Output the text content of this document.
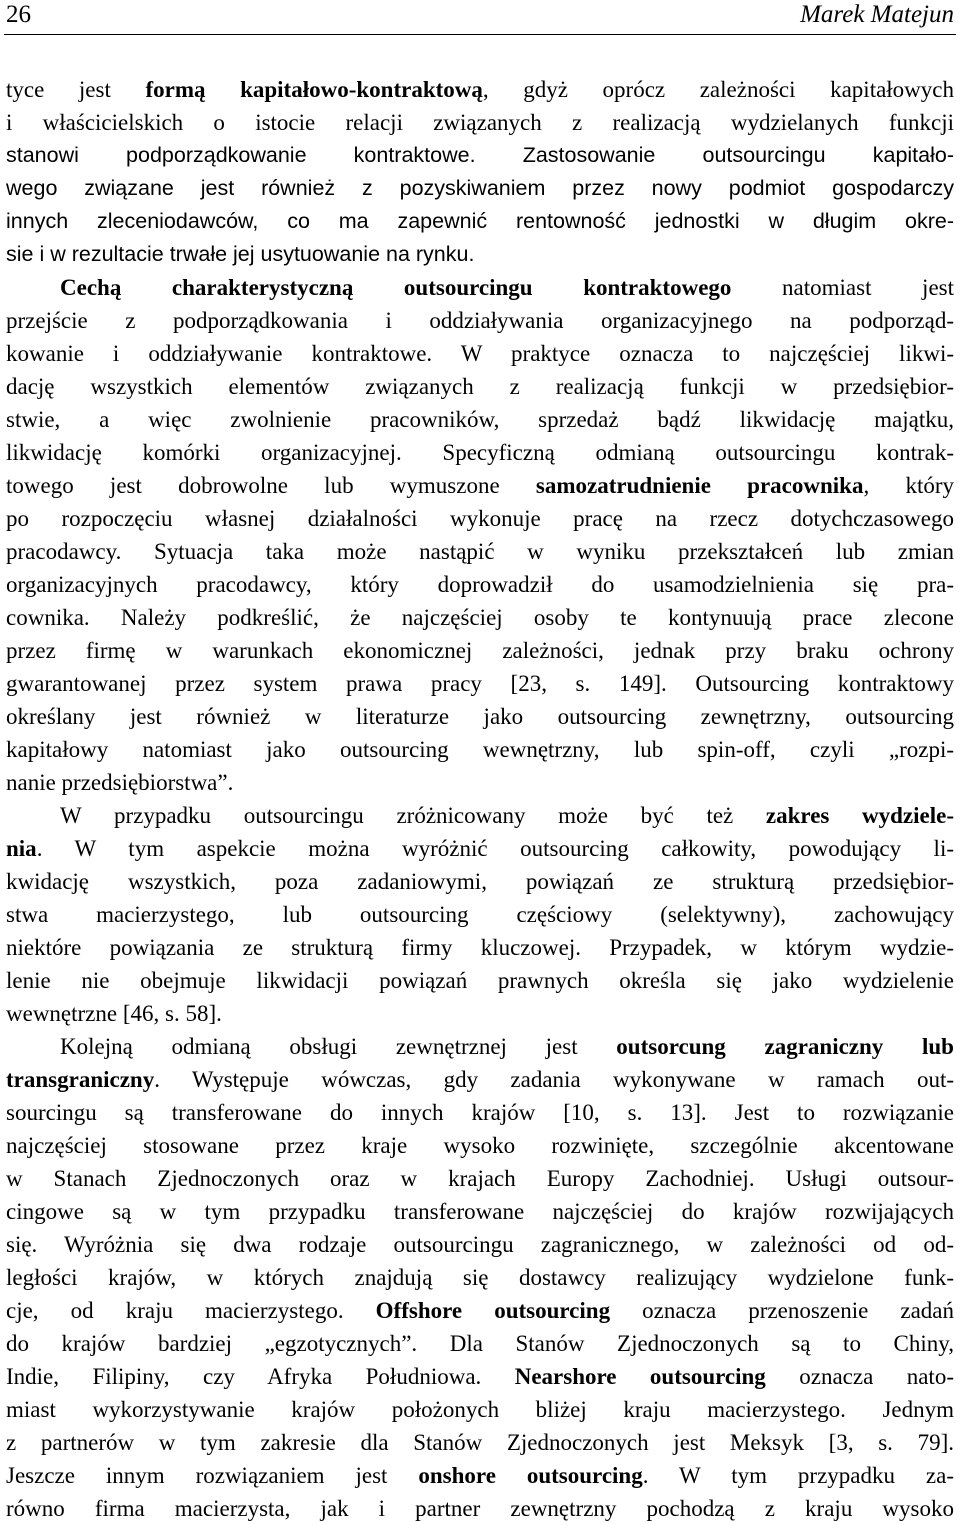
26	Marek Matejun
tyce jest formą kapitałowo-kontraktową, gdyż oprócz zależności kapitałowych
i właścicielskich o istocie relacji związanych z realizacją wydzielanych funkcji
stanowi podporządkowanie kontraktowe. Zastosowanie outsourcingu kapitało-
wego związane jest również z pozyskiwaniem przez nowy podmiot gospodarczy
innych zleceniodawców, co ma zapewnić rentowność jednostki w długim okre-
sie i w rezultacie trwałe jej usytuowanie na rynku.
Cechą charakterystyczną outsourcingu kontraktowego natomiast jest
przejście z podporządkowania i oddziaływania organizacyjnego na podporząd-
kowanie i oddziaływanie kontraktowe. W praktyce oznacza to najczęściej likwi-
dację wszystkich elementów związanych z realizacją funkcji w przedsiębior-
stwie, a więc zwolnienie pracowników, sprzedaż bądź likwidację majątku,
likwidację komórki organizacyjnej. Specyficzną odmianą outsourcingu kontrak-
towego jest dobrowolne lub wymuszone samozatrudnienie pracownika, który
po rozpoczęciu własnej działalności wykonuje pracę na rzecz dotychczasowego
pracodawcy. Sytuacja taka może nastąpić w wyniku przekształceń lub zmian
organizacyjnych pracodawcy, który doprowadził do usamodzielnienia się pra-
cownika. Należy podkreślić, że najczęściej osoby te kontynuują prace zlecone
przez firmę w warunkach ekonomicznej zależności, jednak przy braku ochrony
gwarantowanej przez system prawa pracy [23, s. 149]. Outsourcing kontraktowy
określany jest również w literaturze jako outsourcing zewnętrzny, outsourcing
kapitałowy natomiast jako outsourcing wewnętrzny, lub spin-off, czyli „rozpi-
nanie przedsiębiorstwa”.
W przypadku outsourcingu zróżnicowany może być też zakres wydziele-
nia. W tym aspekcie można wyróżnić outsourcing całkowity, powodujący li-
kwidację wszystkich, poza zadaniowymi, powiązań ze strukturą przedsiębior-
stwa macierzystego, lub outsourcing częściowy (selektywny), zachowujący
niektóre powiązania ze strukturą firmy kluczowej. Przypadek, w którym wydzie-
lenie nie obejmuje likwidacji powiązań prawnych określa się jako wydzielenie
wewnętrzne [46, s. 58].
Kolejną odmianą obsługi zewnętrznej jest outsorcung zagraniczny lub
transgraniczny. Występuje wówczas, gdy zadania wykonywane w ramach out-
sourcingu są transferowane do innych krajów [10, s. 13]. Jest to rozwiązanie
najczęściej stosowane przez kraje wysoko rozwinięte, szczególnie akcentowane
w Stanach Zjednoczonych oraz w krajach Europy Zachodniej. Usługi outsour-
cingowe są w tym przypadku transferowane najczęściej do krajów rozwijających
się. Wyróżnia się dwa rodzaje outsourcingu zagranicznego, w zależności od od-
ległości krajów, w których znajdują się dostawcy realizujący wydzielone funk-
cje, od kraju macierzystego. Offshore outsourcing oznacza przenoszenie zadań
do krajów bardziej „egzotycznych”. Dla Stanów Zjednoczonych są to Chiny,
Indie, Filipiny, czy Afryka Południowa. Nearshore outsourcing oznacza nato-
miast wykorzystywanie krajów położonych bliżej kraju macierzystego. Jednym
z partnerów w tym zakresie dla Stanów Zjednoczonych jest Meksyk [3, s. 79].
Jeszcze innym rozwiązaniem jest onshore outsourcing. W tym przypadku za-
równo firma macierzysta, jak i partner zewnętrzny pochodzą z kraju wysoko
